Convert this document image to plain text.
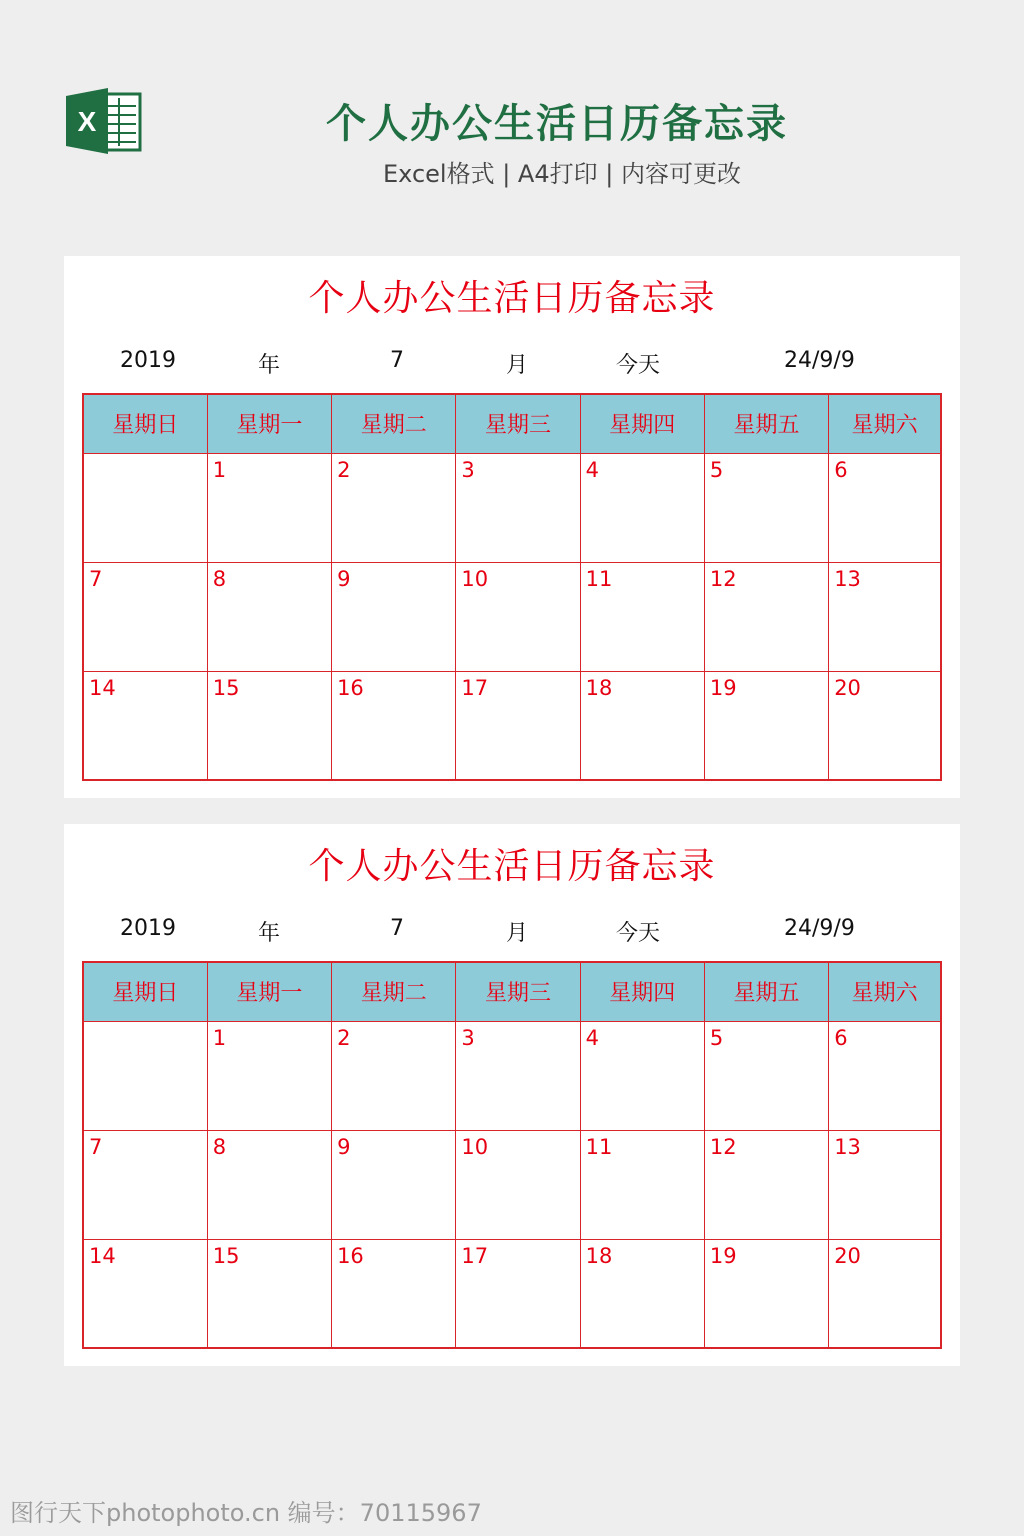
X	个人办公生活日历备忘录
Excel格式 | A4打印 | 内容可更改
个人办公生活日历备忘录
2019	年	7	月	今天	24/9/9
星期日	星期一	星期二	星期三	星期四	星期五	星期六
	1	2	3	4	5	6
7	8	9	10	11	12	13
14	15	16	17	18	19	20
个人办公生活日历备忘录
2019	年	7	月	今天	24/9/9
星期日	星期一	星期二	星期三	星期四	星期五	星期六
	1	2	3	4	5	6
7	8	9	10	11	12	13
14	15	16	17	18	19	20
图行天下photophoto.cn 编号：70115967
